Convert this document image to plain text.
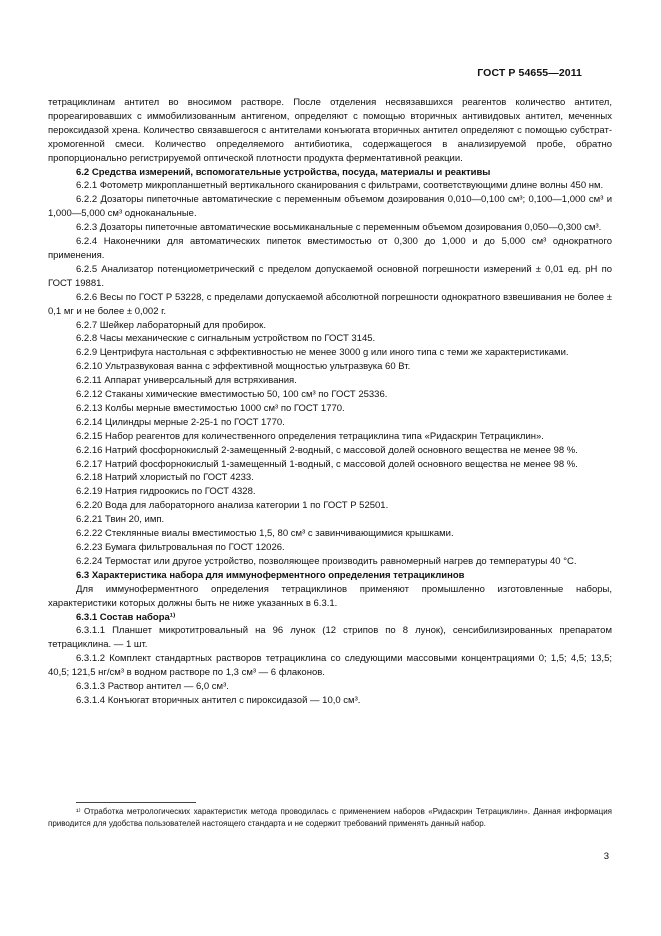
ГОСТ Р 54655—2011

тетрациклинам антител во вносимом растворе. После отделения несвязавшихся реагентов количество антител, прореагировавших с иммобилизованным антигеном, определяют с помощью вторичных антивидовых антител, меченных пероксидазой хрена. Количество связавшегося с антителами конъюгата вторичных антител определяют с помощью субстрат-хромогенной смеси. Количество определяемого антибиотика, содержащегося в анализируемой пробе, обратно пропорционально регистрируемой оптической плотности продукта ферментативной реакции.

6.2 Средства измерений, вспомогательные устройства, посуда, материалы и реактивы

6.2.1 Фотометр микропланшетный вертикального сканирования с фильтрами, соответствующими длине волны 450 нм.

6.2.2 Дозаторы пипеточные автоматические с переменным объемом дозирования 0,010—0,100 см³; 0,100—1,000 см³ и 1,000—5,000 см³ одноканальные.

6.2.3 Дозаторы пипеточные автоматические восьмиканальные с переменным объемом дозирования 0,050—0,300 см³.

6.2.4 Наконечники для автоматических пипеток вместимостью от 0,300 до 1,000 и до 5,000 см³ однократного применения.

6.2.5 Анализатор потенциометрический с пределом допускаемой основной погрешности измерений ± 0,01 ед. pH по ГОСТ 19881.

6.2.6 Весы по ГОСТ Р 53228, с пределами допускаемой абсолютной погрешности однократного взвешивания не более ± 0,1 мг и не более ± 0,002 г.

6.2.7 Шейкер лабораторный для пробирок.

6.2.8 Часы механические с сигнальным устройством по ГОСТ 3145.

6.2.9 Центрифуга настольная с эффективностью не менее 3000 g или иного типа с теми же характеристиками.

6.2.10 Ультразвуковая ванна с эффективной мощностью ультразвука 60 Вт.

6.2.11 Аппарат универсальный для встряхивания.

6.2.12 Стаканы химические вместимостью 50, 100 см³ по ГОСТ 25336.

6.2.13 Колбы мерные вместимостью 1000 см³ по ГОСТ 1770.

6.2.14 Цилиндры мерные 2-25-1 по ГОСТ 1770.

6.2.15 Набор реагентов для количественного определения тетрациклина типа «Ридаскрин Тетрациклин».

6.2.16 Натрий фосфорнокислый 2-замещенный 2-водный, с массовой долей основного вещества не менее 98 %.

6.2.17 Натрий фосфорнокислый 1-замещенный 1-водный, с массовой долей основного вещества не менее 98 %.

6.2.18 Натрий хлористый по ГОСТ 4233.

6.2.19 Натрия гидроокись по ГОСТ 4328.

6.2.20 Вода для лабораторного анализа категории 1 по ГОСТ Р 52501.

6.2.21 Твин 20, имп.

6.2.22 Стеклянные виалы вместимостью 1,5, 80 см³ с завинчивающимися крышками.

6.2.23 Бумага фильтровальная по ГОСТ 12026.

6.2.24 Термостат или другое устройство, позволяющее производить равномерный нагрев до температуры 40 °С.

6.3 Характеристика набора для иммуноферментного определения тетрациклинов

Для иммуноферментного определения тетрациклинов применяют промышленно изготовленные наборы, характеристики которых должны быть не ниже указанных в 6.3.1.

6.3.1 Состав набора¹⁾

6.3.1.1 Планшет микротитровальный на 96 лунок (12 стрипов по 8 лунок), сенсибилизированных препаратом тетрациклина. — 1 шт.

6.3.1.2 Комплект стандартных растворов тетрациклина со следующими массовыми концентрациями 0; 1,5; 4,5; 13,5; 40,5; 121,5 нг/см³ в водном растворе по 1,3 см³ — 6 флаконов.

6.3.1.3 Раствор антител — 6,0 см³.

6.3.1.4 Конъюгат вторичных антител с пироксидазой — 10,0 см³.

¹⁾ Отработка метрологических характеристик метода проводилась с применением наборов «Ридаскрин Тетрациклин». Данная информация приводится для удобства пользователей настоящего стандарта и не содержит требований применять данный набор.
3
